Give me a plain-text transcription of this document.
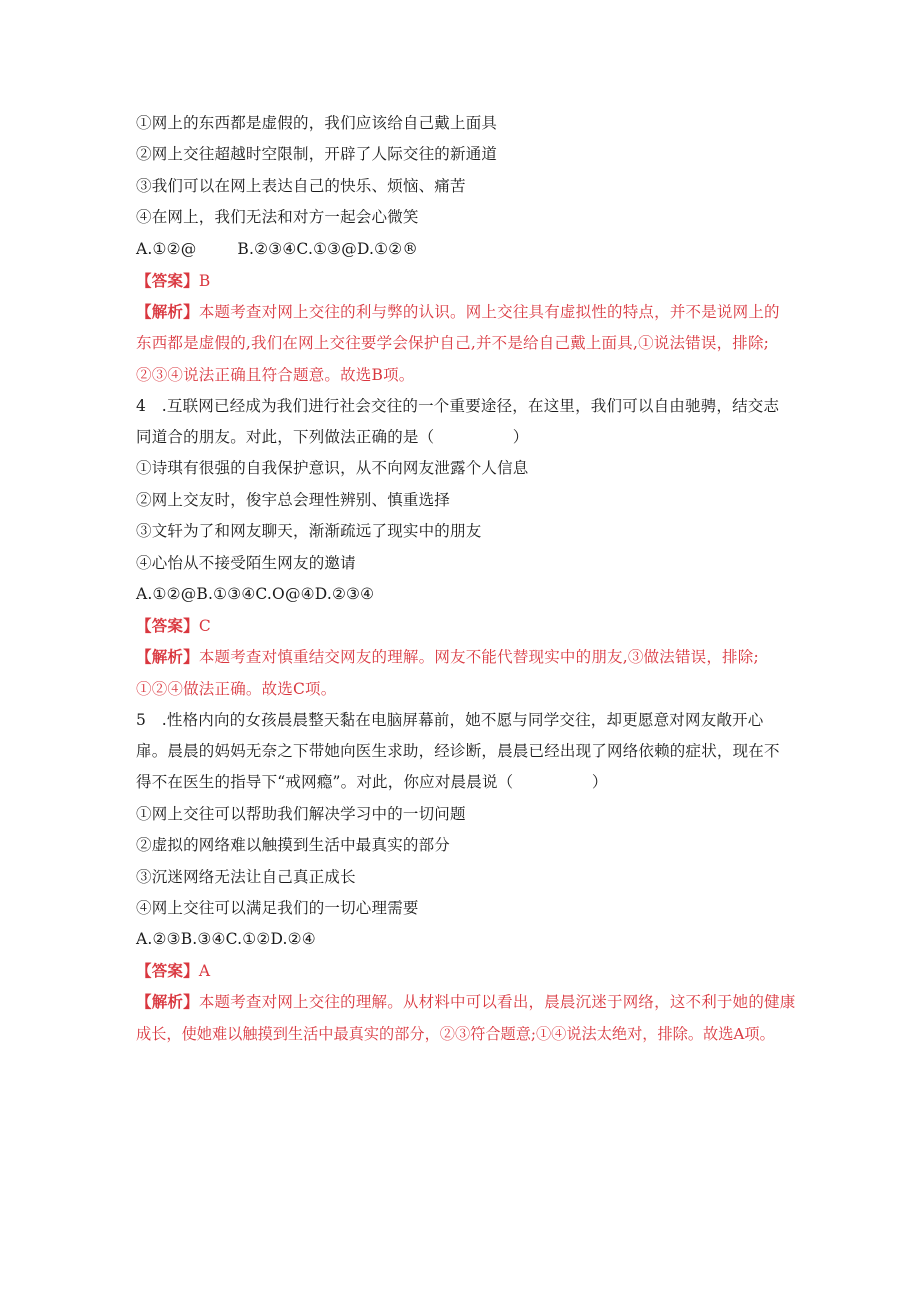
①网上的东西都是虚假的，我们应该给自己戴上面具
②网上交往超越时空限制，开辟了人际交往的新通道
③我们可以在网上表达自己的快乐、烦恼、痛苦
④在网上，我们无法和对方一起会心微笑
A.①②@        B.②③④C.①③@D.①②®
【答案】B
【解析】本题考查对网上交往的利与弊的认识。网上交往具有虚拟性的特点，并不是说网上的
东西都是虚假的,我们在网上交往要学会保护自己,并不是给自己戴上面具,①说法错误，排除;
②③④说法正确且符合题意。故选B项。
4　.互联网已经成为我们进行社会交往的一个重要途径，在这里，我们可以自由驰骋，结交志
同道合的朋友。对此，下列做法正确的是（　　　　　）
①诗琪有很强的自我保护意识，从不向网友泄露个人信息
②网上交友时，俊宇总会理性辨别、慎重选择
③文轩为了和网友聊天，渐渐疏远了现实中的朋友
④心怡从不接受陌生网友的邀请
A.①②@B.①③④C.O@④D.②③④
【答案】C
【解析】本题考查对慎重结交网友的理解。网友不能代替现实中的朋友,③做法错误，排除;
①②④做法正确。故选C项。
5　.性格内向的女孩晨晨整天黏在电脑屏幕前，她不愿与同学交往，却更愿意对网友敞开心
扉。晨晨的妈妈无奈之下带她向医生求助，经诊断，晨晨已经出现了网络依赖的症状，现在不
得不在医生的指导下“戒网瘾”。对此，你应对晨晨说（　　　　　）
①网上交往可以帮助我们解决学习中的一切问题
②虚拟的网络难以触摸到生活中最真实的部分
③沉迷网络无法让自己真正成长
④网上交往可以满足我们的一切心理需要
A.②③B.③④C.①②D.②④
【答案】A
【解析】本题考查对网上交往的理解。从材料中可以看出，晨晨沉迷于网络，这不利于她的健康
成长，使她难以触摸到生活中最真实的部分，②③符合题意;①④说法太绝对，排除。故选A项。
